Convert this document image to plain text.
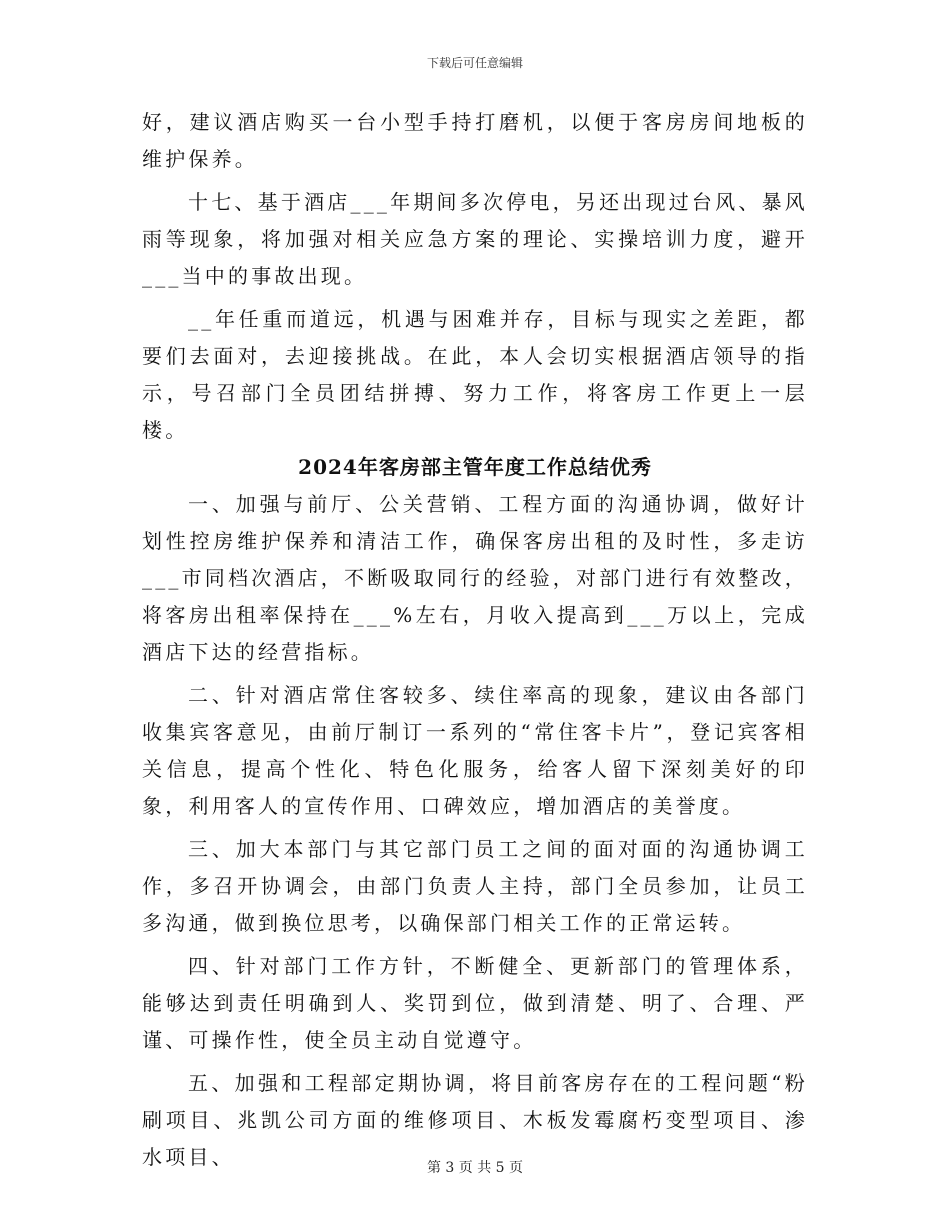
下载后可任意编辑

好，建议酒店购买一台小型手持打磨机，以便于客房房间地板的维护保养。

十七、基于酒店___年期间多次停电，另还出现过台风、暴风雨等现象，将加强对相关应急方案的理论、实操培训力度，避开___当中的事故出现。

__年任重而道远，机遇与困难并存，目标与现实之差距，都要们去面对，去迎接挑战。在此，本人会切实根据酒店领导的指示，号召部门全员团结拼搏、努力工作，将客房工作更上一层楼。

2024年客房部主管年度工作总结优秀

一、加强与前厅、公关营销、工程方面的沟通协调，做好计划性控房维护保养和清洁工作，确保客房出租的及时性，多走访___市同档次酒店，不断吸取同行的经验，对部门进行有效整改，将客房出租率保持在___%左右，月收入提高到___万以上，完成酒店下达的经营指标。

二、针对酒店常住客较多、续住率高的现象，建议由各部门收集宾客意见，由前厅制订一系列的“常住客卡片”，登记宾客相关信息，提高个性化、特色化服务，给客人留下深刻美好的印象，利用客人的宣传作用、口碑效应，增加酒店的美誉度。

三、加大本部门与其它部门员工之间的面对面的沟通协调工作，多召开协调会，由部门负责人主持，部门全员参加，让员工多沟通，做到换位思考，以确保部门相关工作的正常运转。

四、针对部门工作方针，不断健全、更新部门的管理体系，能够达到责任明确到人、奖罚到位，做到清楚、明了、合理、严谨、可操作性，使全员主动自觉遵守。

五、加强和工程部定期协调，将目前客房存在的工程问题“粉刷项目、兆凯公司方面的维修项目、木板发霉腐朽变型项目、渗水项目、	第 3 页 共 5 页
